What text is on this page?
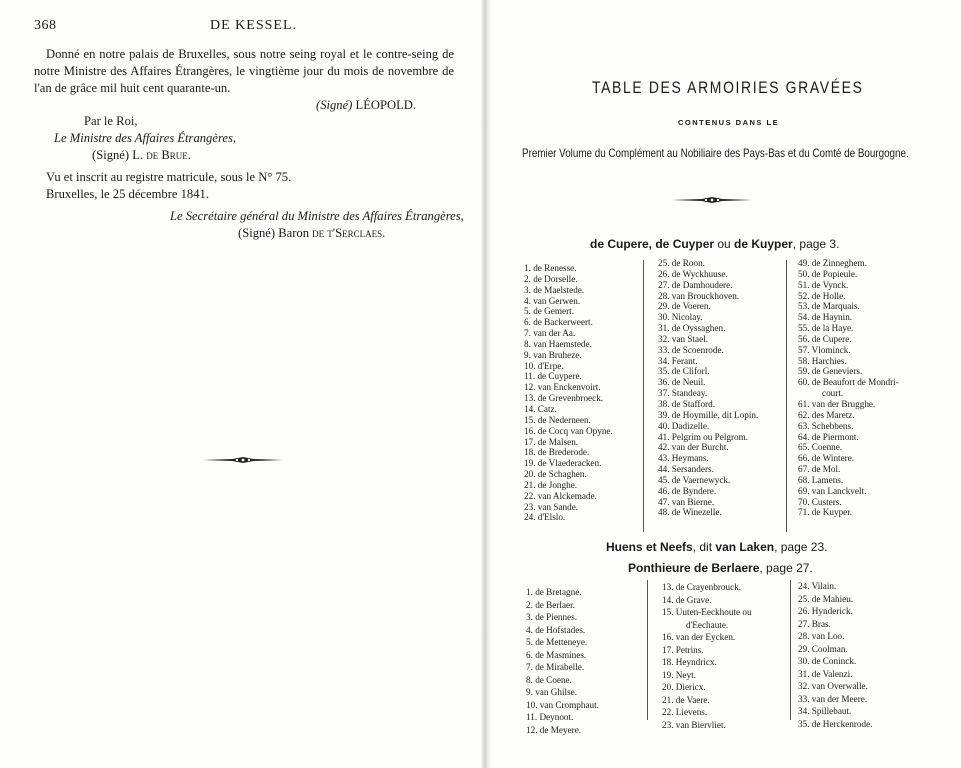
368	DE KESSEL.
Donné en notre palais de Bruxelles, sous notre seing royal et le contre-seing de notre Ministre des Affaires Étrangères, le vingtième jour du mois de novembre de l'an de grâce mil huit cent quarante-un.
(Signé) LÉOPOLD.
Par le Roi,
Le Ministre des Affaires Étrangères,
(Signé) L. de Brue.
Vu et inscrit au registre matricule, sous le N° 75.
Bruxelles, le 25 décembre 1841.
Le Secrétaire général du Ministre des Affaires Étrangères,
(Signé) Baron de t'Serclaes.
TABLE DES ARMOIRIES GRAVÉES
CONTENUS DANS LE
Premier Volume du Complément au Nobiliaire des Pays-Bas et du Comté de Bourgogne.
de Cupere, de Cuyper ou de Kuyper, page 3.
1. de Renesse.
2. de Dorselle.
3. de Maelstede.
4. van Gerwen.
5. de Gemert.
6. de Backerweert.
7. van der Aa.
8. van Haemstede.
9. van Bruheze.
10. d'Erpe.
11. de Cuypere.
12. van Enckenvoirt.
13. de Grevenbroeck.
14. Catz.
15. de Nederneen.
16. de Cocq van Opyne.
17. de Malsen.
18. de Brederode.
19. de Vlaederacken.
20. de Schaghen.
21. de Jonghe.
22. van Alckemade.
23. van Sande.
24. d'Elslo.
25. de Roon.
26. de Wyckhuuse.
27. de Damhoudere.
28. van Brouckhoven.
29. de Voeren.
30. Nicolay.
31. de Oyssaghen.
32. van Stael.
33. de Scoenrode.
34. Ferant.
35. de Cliforl.
36. de Neuil.
37. Standeay.
38. de Stafford.
39. de Hoymille, dit Lopin.
40. Dadizelle.
41. Pelgrim ou Pelgrom.
42. van der Burcht.
43. Heymans.
44. Sersanders.
45. de Vaernewyck.
46. de Byndere.
47. van Bierne.
48. de Winezelle.
49. de Zinneghem.
50. de Popieule.
51. de Vynck.
52. de Holle.
53. de Marquais.
54. de Haynin.
55. de la Haye.
56. de Cupere.
57. Vlominck.
58. Harchies.
59. de Geneviers.
60. de Beaufort de Mondri-
court.
61. van der Brugghe.
62. des Maretz.
63. Schebbens.
64. de Piermont.
65. Coenne.
66. de Wintere.
67. de Mol.
68. Lamens.
69. van Lanckvelt.
70. Custers.
71. de Kuyper.
Huens et Neefs, dit van Laken, page 23.
Ponthieure de Berlaere, page 27.
1. de Bretagne.
2. de Berlaer.
3. de Piennes.
4. de Hofstades.
5. de Metteneye.
6. de Masmines.
7. de Mirabelle.
8. de Coene.
9. van Ghilse.
10. van Cromphaut.
11. Deynoot.
12. de Meyere.
13. de Crayenbrouck.
14. de Grave.
15. Uuten-Eeckhoute ou
d'Eechaute.
16. van der Eycken.
17. Petrins.
18. Heyndricx.
19. Neyt.
20. Diericx.
21. de Vaere.
22. Lievens.
23. van Biervliet.
24. Vilain.
25. de Mahieu.
26. Hynderick.
27. Bras.
28. van Loo.
29. Coolman.
30. de Coninck.
31. de Valenzi.
32. van Overwalle.
33. van der Meere.
34. Spillebaut.
35. de Herckenrode.
